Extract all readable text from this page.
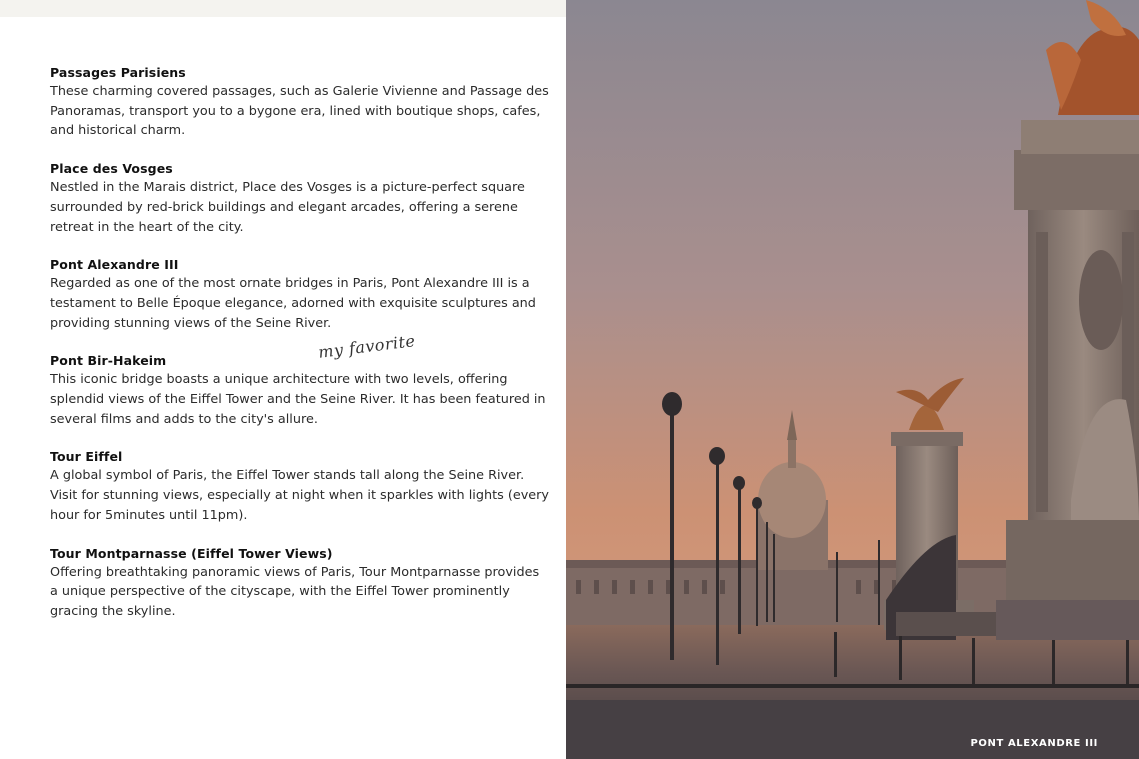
Passages Parisiens
These charming covered passages, such as Galerie Vivienne and Passage des Panoramas, transport you to a bygone era, lined with boutique shops, cafes, and historical charm.
Place des Vosges
Nestled in the Marais district, Place des Vosges is a picture-perfect square surrounded by red-brick buildings and elegant arcades, offering a serene retreat in the heart of the city.
Pont Alexandre III
Regarded as one of the most ornate bridges in Paris, Pont Alexandre III is a testament to Belle Époque elegance, adorned with exquisite sculptures and providing stunning views of the Seine River.
Pont Bir-Hakeim
This iconic bridge boasts a unique architecture with two levels, offering splendid views of the Eiffel Tower and the Seine River. It has been featured in several films and adds to the city's allure.
Tour Eiffel
A global symbol of Paris, the Eiffel Tower stands tall along the Seine River. Visit for stunning views, especially at night when it sparkles with lights (every hour for 5minutes until 11pm).
Tour Montparnasse (Eiffel Tower Views)
Offering breathtaking panoramic views of Paris, Tour Montparnasse provides a unique perspective of the cityscape, with the Eiffel Tower prominently gracing the skyline.
my favorite
PONT ALEXANDRE III
